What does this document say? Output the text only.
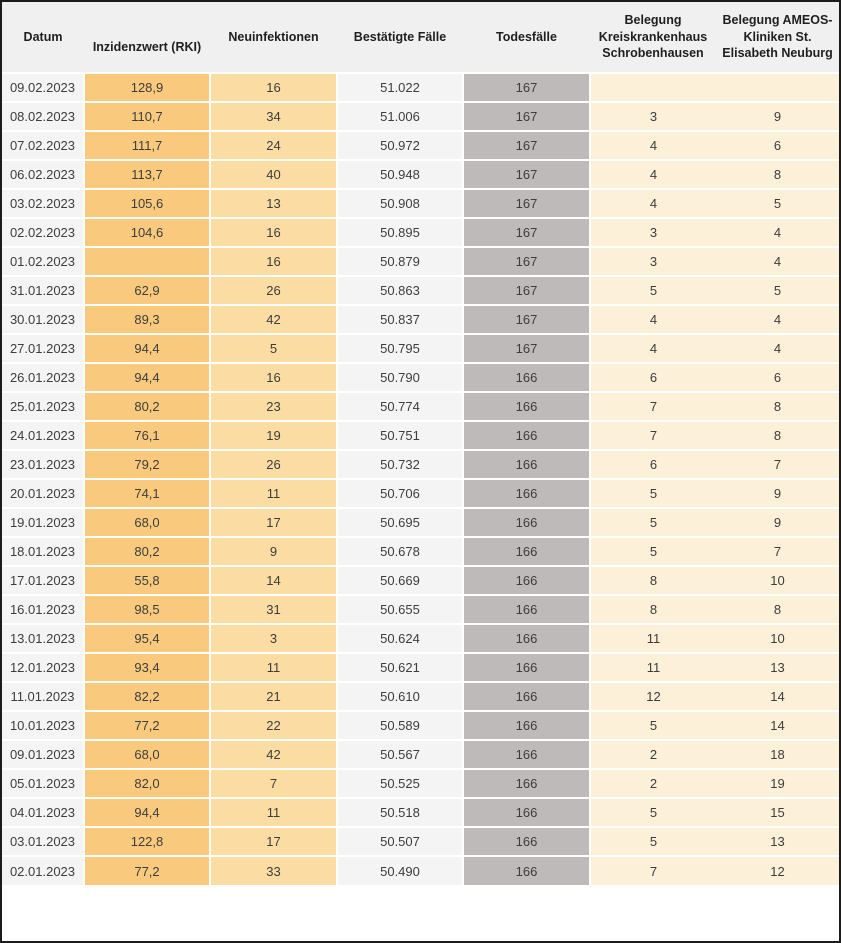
Datum	Inzidenzwert (RKI)	Neuinfektionen	Bestätigte Fälle	Todesfälle	Belegung Kreiskrankenhaus Schrobenhausen	Belegung AMEOS-Kliniken St. Elisabeth Neuburg
09.02.2023	128,9	16	51.022	167		
08.02.2023	110,7	34	51.006	167	3	9
07.02.2023	111,7	24	50.972	167	4	6
06.02.2023	113,7	40	50.948	167	4	8
03.02.2023	105,6	13	50.908	167	4	5
02.02.2023	104,6	16	50.895	167	3	4
01.02.2023		16	50.879	167	3	4
31.01.2023	62,9	26	50.863	167	5	5
30.01.2023	89,3	42	50.837	167	4	4
27.01.2023	94,4	5	50.795	167	4	4
26.01.2023	94,4	16	50.790	166	6	6
25.01.2023	80,2	23	50.774	166	7	8
24.01.2023	76,1	19	50.751	166	7	8
23.01.2023	79,2	26	50.732	166	6	7
20.01.2023	74,1	11	50.706	166	5	9
19.01.2023	68,0	17	50.695	166	5	9
18.01.2023	80,2	9	50.678	166	5	7
17.01.2023	55,8	14	50.669	166	8	10
16.01.2023	98,5	31	50.655	166	8	8
13.01.2023	95,4	3	50.624	166	11	10
12.01.2023	93,4	11	50.621	166	11	13
11.01.2023	82,2	21	50.610	166	12	14
10.01.2023	77,2	22	50.589	166	5	14
09.01.2023	68,0	42	50.567	166	2	18
05.01.2023	82,0	7	50.525	166	2	19
04.01.2023	94,4	11	50.518	166	5	15
03.01.2023	122,8	17	50.507	166	5	13
02.01.2023	77,2	33	50.490	166	7	12
